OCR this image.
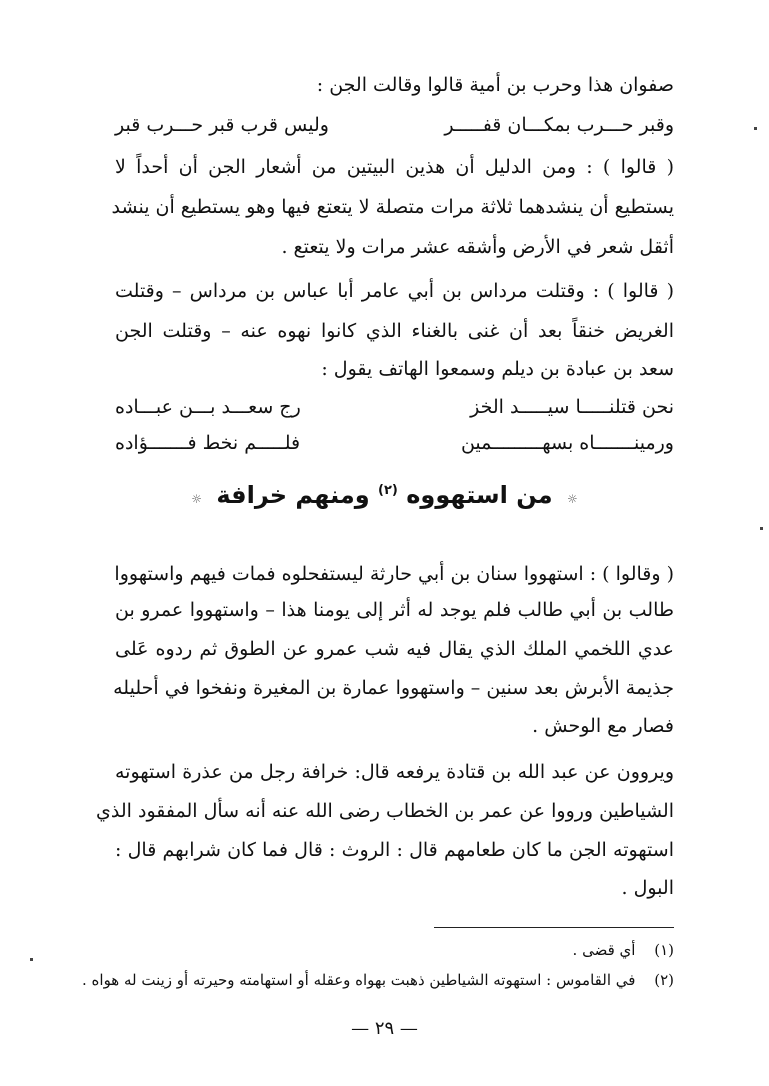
صفوان هذا وحرب بن أمية قالوا وقالت الجن :
وقبر حـــرب بمكـــان قفـــــر
وليس قرب قبر حـــرب قبر
( قالوا ) : ومن الدليل أن هذين البيتين من أشعار الجن أن أحداً لا
يستطيع أن ينشدهما ثلاثة مرات متصلة لا يتعتع فيها وهو يستطيع أن ينشد
أثقل شعر في الأرض وأشقه عشر مرات ولا يتعتع .
( قالوا ) : وقتلت مرداس بن أبي عامر أبا عباس بن مرداس – وقتلت
الغريض خنقاً بعد أن غنى بالغناء الذي كانوا نهوه عنه – وقتلت الجن
سعد بن عبادة بن ديلم وسمعوا الهاتف يقول :
نحن قتلنـــــا سيـــــد الخز
رج سعـــد بـــن عبـــاده
ورمينـــــــاه بسهـــــــــمين
فلـــــم نخط فـــــــؤاده
☼ من استهووه $^{(٢)}$ ومنهم خرافة ☼
( وقالوا ) : استهووا سنان بن أبي حارثة ليستفحلوه فمات فيهم واستهووا
طالب بن أبي طالب فلم يوجد له أثر إلى يومنا هذا – واستهووا عمرو بن
عدي اللخمي الملك الذي يقال فيه شب عمرو عن الطوق ثم ردوه عَلى
جذيمة الأبرش بعد سنين – واستهووا عمارة بن المغيرة ونفخوا في أحليله
فصار مع الوحش .
ويروون عن عبد الله بن قتادة يرفعه قال: خرافة رجل من عذرة استهوته
الشياطين ورووا عن عمر بن الخطاب رضى الله عنه أنه سأل المفقود الذي
استهوته الجن ما كان طعامهم قال : الروث : قال فما كان شرابهم قال :
البول .
(١) أي قضى .
(٢) في القاموس : استهوته الشياطين ذهبت بهواه وعقله أو استهامته وحيرته أو زينت له هواه .
— ٢٩ —
